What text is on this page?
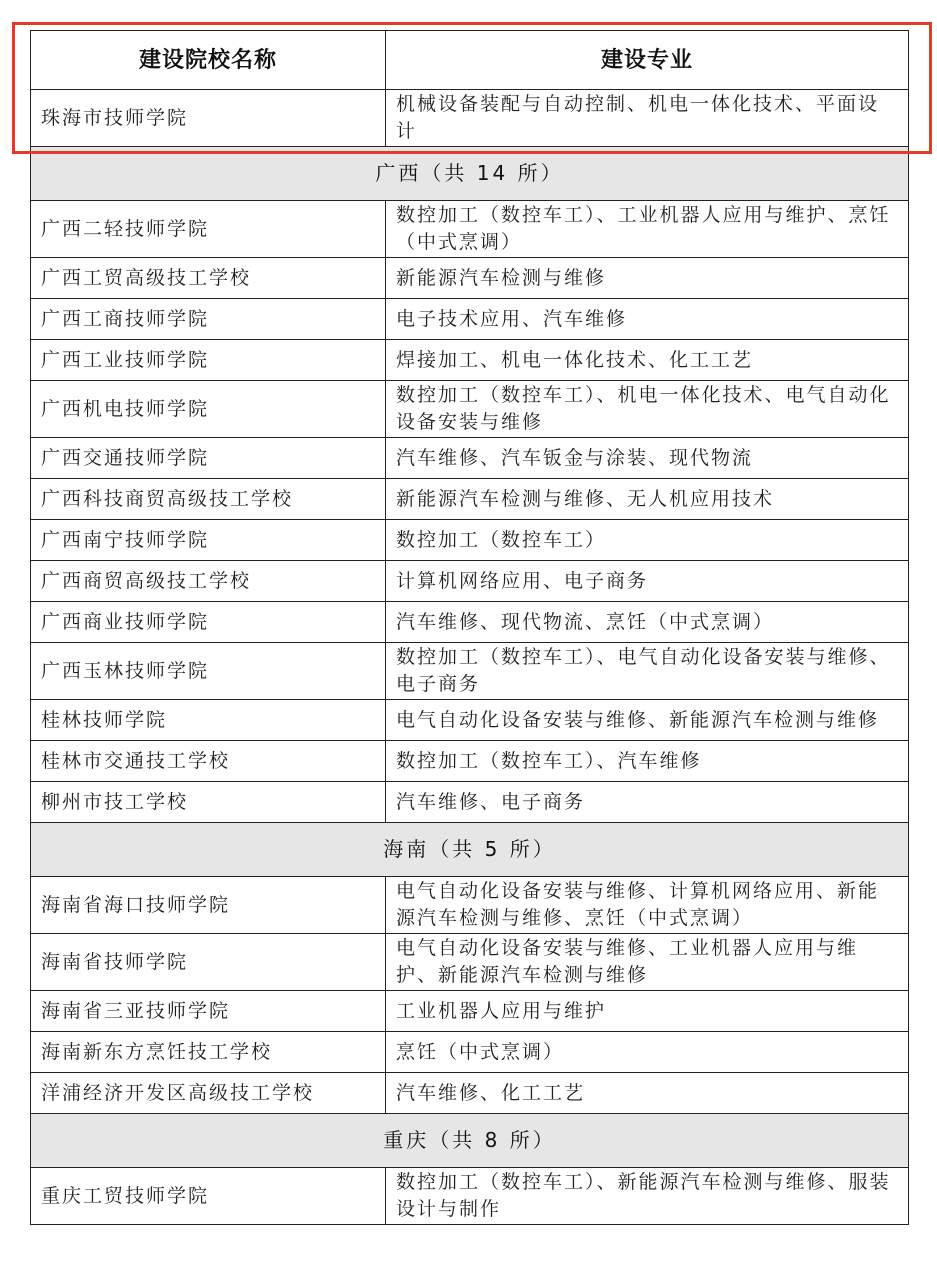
建设院校名称	建设专业
珠海市技师学院	机械设备装配与自动控制、机电一体化技术、平面设计
广西（共 14 所）	
广西二轻技师学院	数控加工（数控车工）、工业机器人应用与维护、烹饪（中式烹调）
广西工贸高级技工学校	新能源汽车检测与维修
广西工商技师学院	电子技术应用、汽车维修
广西工业技师学院	焊接加工、机电一体化技术、化工工艺
广西机电技师学院	数控加工（数控车工）、机电一体化技术、电气自动化设备安装与维修
广西交通技师学院	汽车维修、汽车钣金与涂装、现代物流
广西科技商贸高级技工学校	新能源汽车检测与维修、无人机应用技术
广西南宁技师学院	数控加工（数控车工）
广西商贸高级技工学校	计算机网络应用、电子商务
广西商业技师学院	汽车维修、现代物流、烹饪（中式烹调）
广西玉林技师学院	数控加工（数控车工）、电气自动化设备安装与维修、电子商务
桂林技师学院	电气自动化设备安装与维修、新能源汽车检测与维修
桂林市交通技工学校	数控加工（数控车工）、汽车维修
柳州市技工学校	汽车维修、电子商务
海南（共 5 所）	
海南省海口技师学院	电气自动化设备安装与维修、计算机网络应用、新能源汽车检测与维修、烹饪（中式烹调）
海南省技师学院	电气自动化设备安装与维修、工业机器人应用与维护、新能源汽车检测与维修
海南省三亚技师学院	工业机器人应用与维护
海南新东方烹饪技工学校	烹饪（中式烹调）
洋浦经济开发区高级技工学校	汽车维修、化工工艺
重庆（共 8 所）	
重庆工贸技师学院	数控加工（数控车工）、新能源汽车检测与维修、服装设计与制作
